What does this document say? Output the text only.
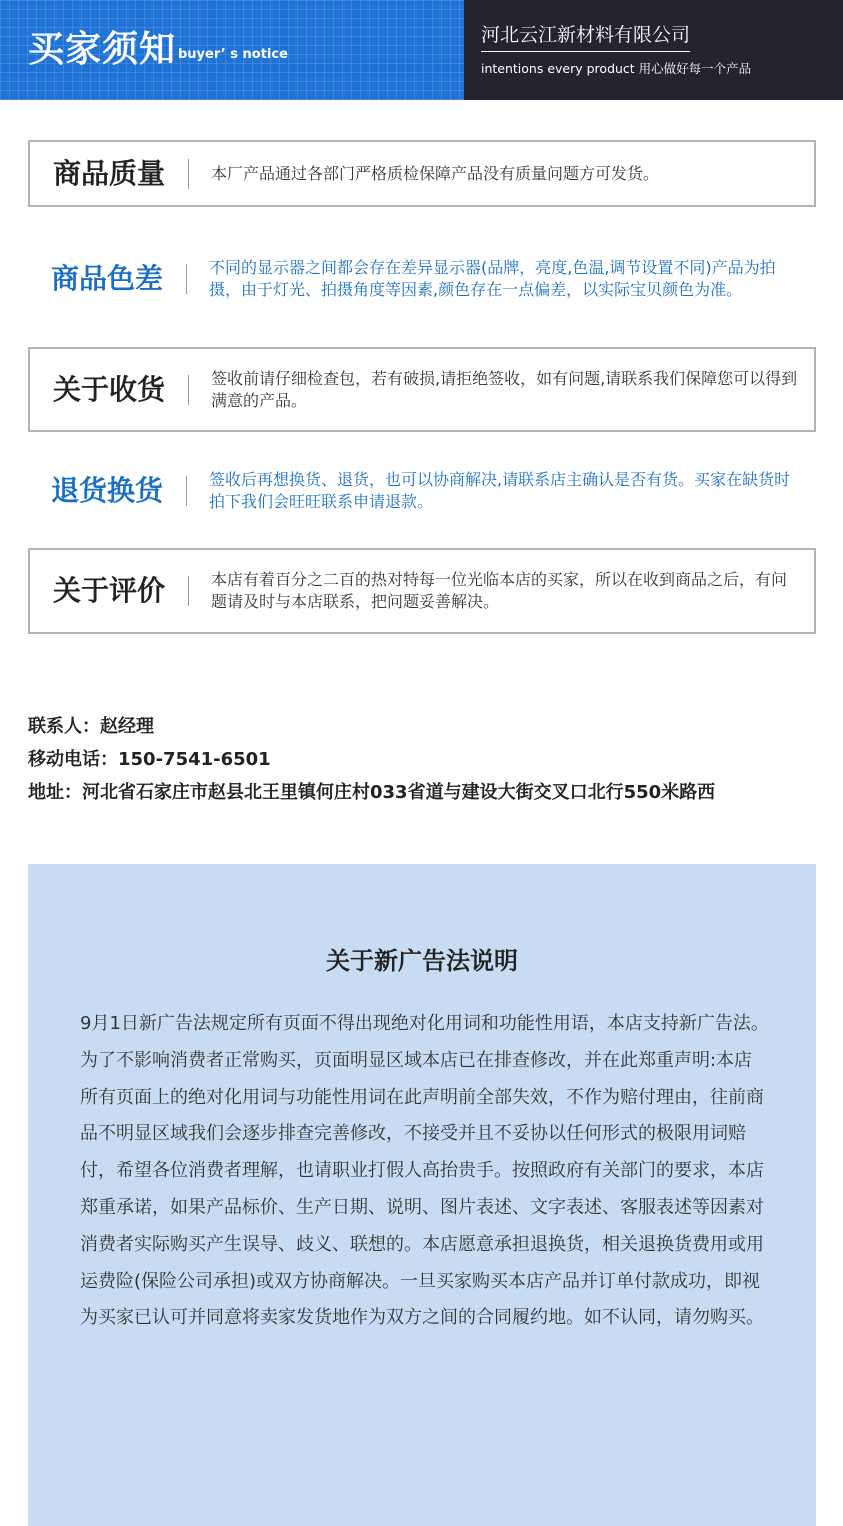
买家须知 buyer’ s notice
河北云江新材料有限公司
intentions every product 用心做好每一个产品
商品质量	本厂产品通过各部门严格质检保障产品没有质量问题方可发货。
商品色差	不同的显示器之间都会存在差异显示器(品牌，亮度,色温,调节设置不同)产品为拍摄，由于灯光、拍摄角度等因素,颜色存在一点偏差，以实际宝贝颜色为准。
关于收货	签收前请仔细检查包，若有破损,请拒绝签收，如有问题,请联系我们保障您可以得到满意的产品。
退货换货	签收后再想换货、退货，也可以协商解决,请联系店主确认是否有货。买家在缺货时拍下我们会旺旺联系申请退款。
关于评价	本店有着百分之二百的热对特每一位光临本店的买家，所以在收到商品之后，有问题请及时与本店联系，把问题妥善解决。
联系人：赵经理
移动电话：150-7541-6501
地址：河北省石家庄市赵县北王里镇何庄村033省道与建设大街交叉口北行550米路西
关于新广告法说明
9月1日新广告法规定所有页面不得出现绝对化用词和功能性用语，本店支持新广告法。为了不影响消费者正常购买，页面明显区域本店已在排查修改，并在此郑重声明:本店所有页面上的绝对化用词与功能性用词在此声明前全部失效，不作为赔付理由，往前商品不明显区域我们会逐步排查完善修改，不接受并且不妥协以任何形式的极限用词赔付，希望各位消费者理解，也请职业打假人高抬贵手。按照政府有关部门的要求，本店郑重承诺，如果产品标价、生产日期、说明、图片表述、文字表述、客服表述等因素对消费者实际购买产生误导、歧义、联想的。本店愿意承担退换货，相关退换货费用或用运费险(保险公司承担)或双方协商解决。一旦买家购买本店产品并订单付款成功，即视为买家已认可并同意将卖家发货地作为双方之间的合同履约地。如不认同，请勿购买。
